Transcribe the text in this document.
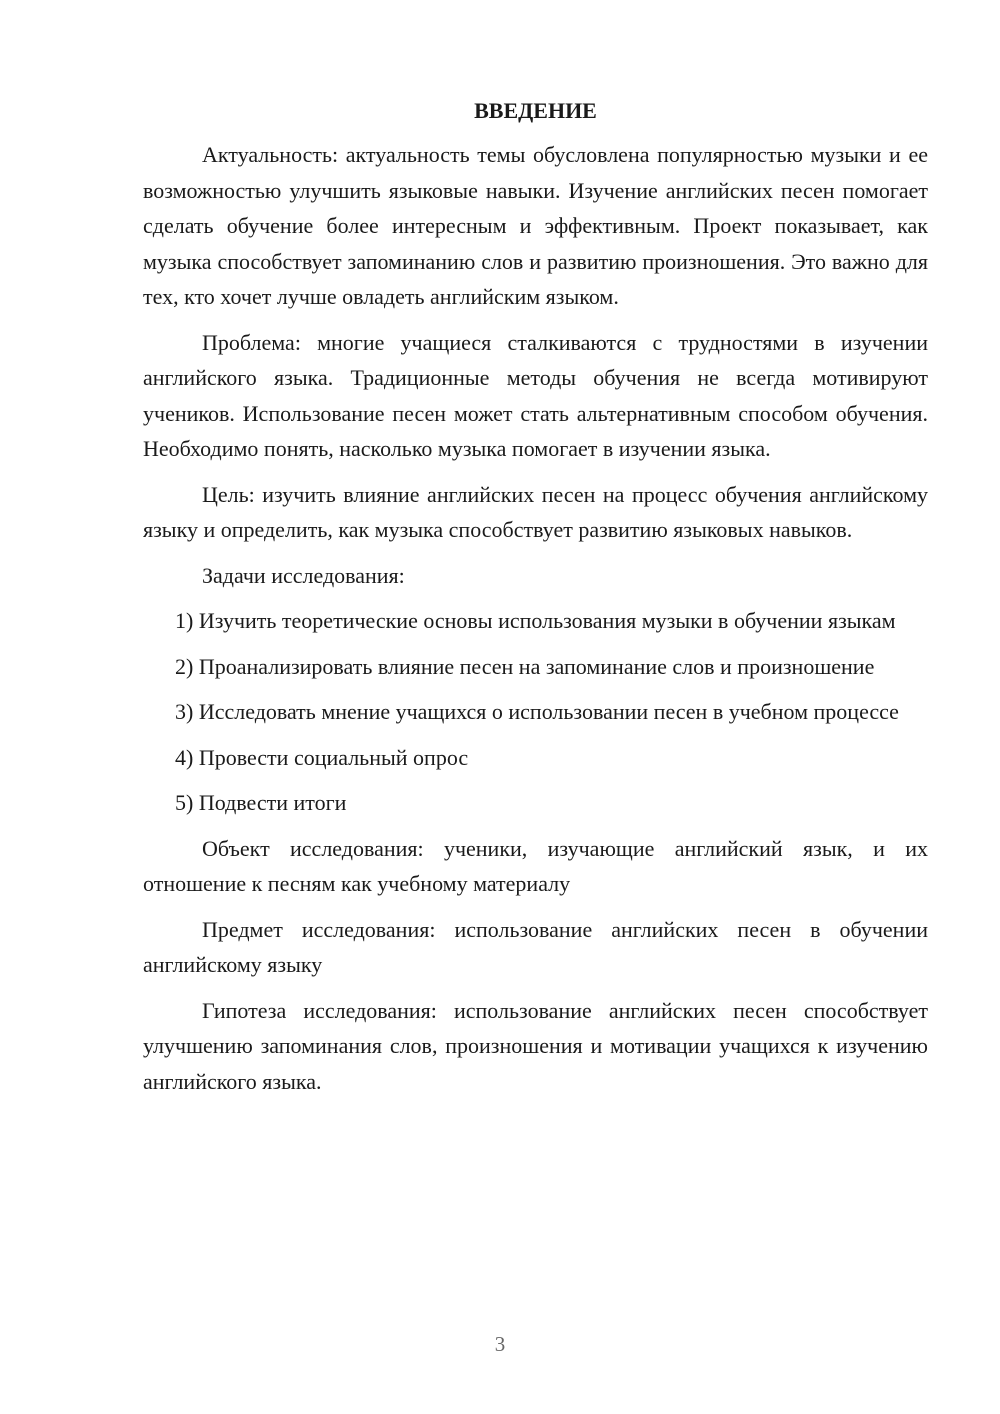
ВВЕДЕНИЕ

Актуальность: актуальность темы обусловлена популярностью музыки и ее возможностью улучшить языковые навыки. Изучение английских песен помогает сделать обучение более интересным и эффективным. Проект показывает, как музыка способствует запоминанию слов и развитию произношения. Это важно для тех, кто хочет лучше овладеть английским языком.

Проблема: многие учащиеся сталкиваются с трудностями в изучении английского языка. Традиционные методы обучения не всегда мотивируют учеников. Использование песен может стать альтернативным способом обучения. Необходимо понять, насколько музыка помогает в изучении языка.

Цель: изучить влияние английских песен на процесс обучения английскому языку и определить, как музыка способствует развитию языковых навыков.

Задачи исследования:

1) Изучить теоретические основы использования музыки в обучении языкам

2) Проанализировать влияние песен на запоминание слов и произношение

3) Исследовать мнение учащихся о использовании песен в учебном процессе

4) Провести социальный опрос

5) Подвести итоги

Объект исследования: ученики, изучающие английский язык, и их отношение к песням как учебному материалу

Предмет исследования: использование английских песен в обучении английскому языку

Гипотеза исследования: использование английских песен способствует улучшению запоминания слов, произношения и мотивации учащихся к изучению английского языка.

3
